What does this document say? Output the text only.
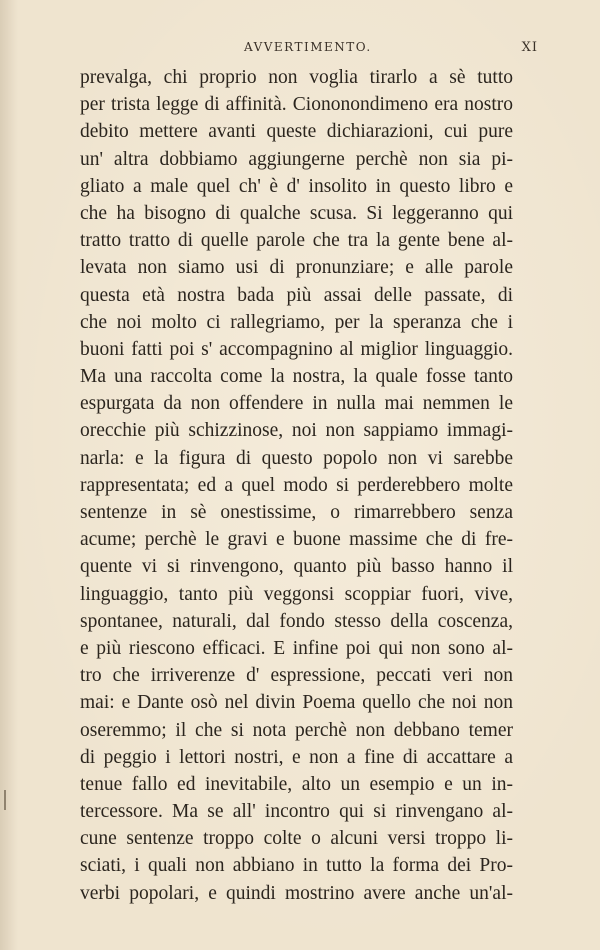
AVVERTIMENTO.	XI
prevalga, chi proprio non voglia tirarlo a sè tutto
per trista legge di affinità. Ciononondimeno era nostro
debito mettere avanti queste dichiarazioni, cui pure
un' altra dobbiamo aggiungerne perchè non sia pi-
gliato a male quel ch' è d' insolito in questo libro e
che ha bisogno di qualche scusa. Si leggeranno qui
tratto tratto di quelle parole che tra la gente bene al-
levata non siamo usi di pronunziare; e alle parole
questa età nostra bada più assai delle passate, di
che noi molto ci rallegriamo, per la speranza che i
buoni fatti poi s' accompagnino al miglior linguaggio.
Ma una raccolta come la nostra, la quale fosse tanto
espurgata da non offendere in nulla mai nemmen le
orecchie più schizzinose, noi non sappiamo immagi-
narla: e la figura di questo popolo non vi sarebbe
rappresentata; ed a quel modo si perderebbero molte
sentenze in sè onestissime, o rimarrebbero senza
acume; perchè le gravi e buone massime che di fre-
quente vi si rinvengono, quanto più basso hanno il
linguaggio, tanto più veggonsi scoppiar fuori, vive,
spontanee, naturali, dal fondo stesso della coscenza,
e più riescono efficaci. E infine poi qui non sono al-
tro che irriverenze d' espressione, peccati veri non
mai: e Dante osò nel divin Poema quello che noi non
oseremmo; il che si nota perchè non debbano temer
di peggio i lettori nostri, e non a fine di accattare a
tenue fallo ed inevitabile, alto un esempio e un in-
tercessore. Ma se all' incontro qui si rinvengano al-
cune sentenze troppo colte o alcuni versi troppo li-
sciati, i quali non abbiano in tutto la forma dei Pro-
verbi popolari, e quindi mostrino avere anche un'al-
